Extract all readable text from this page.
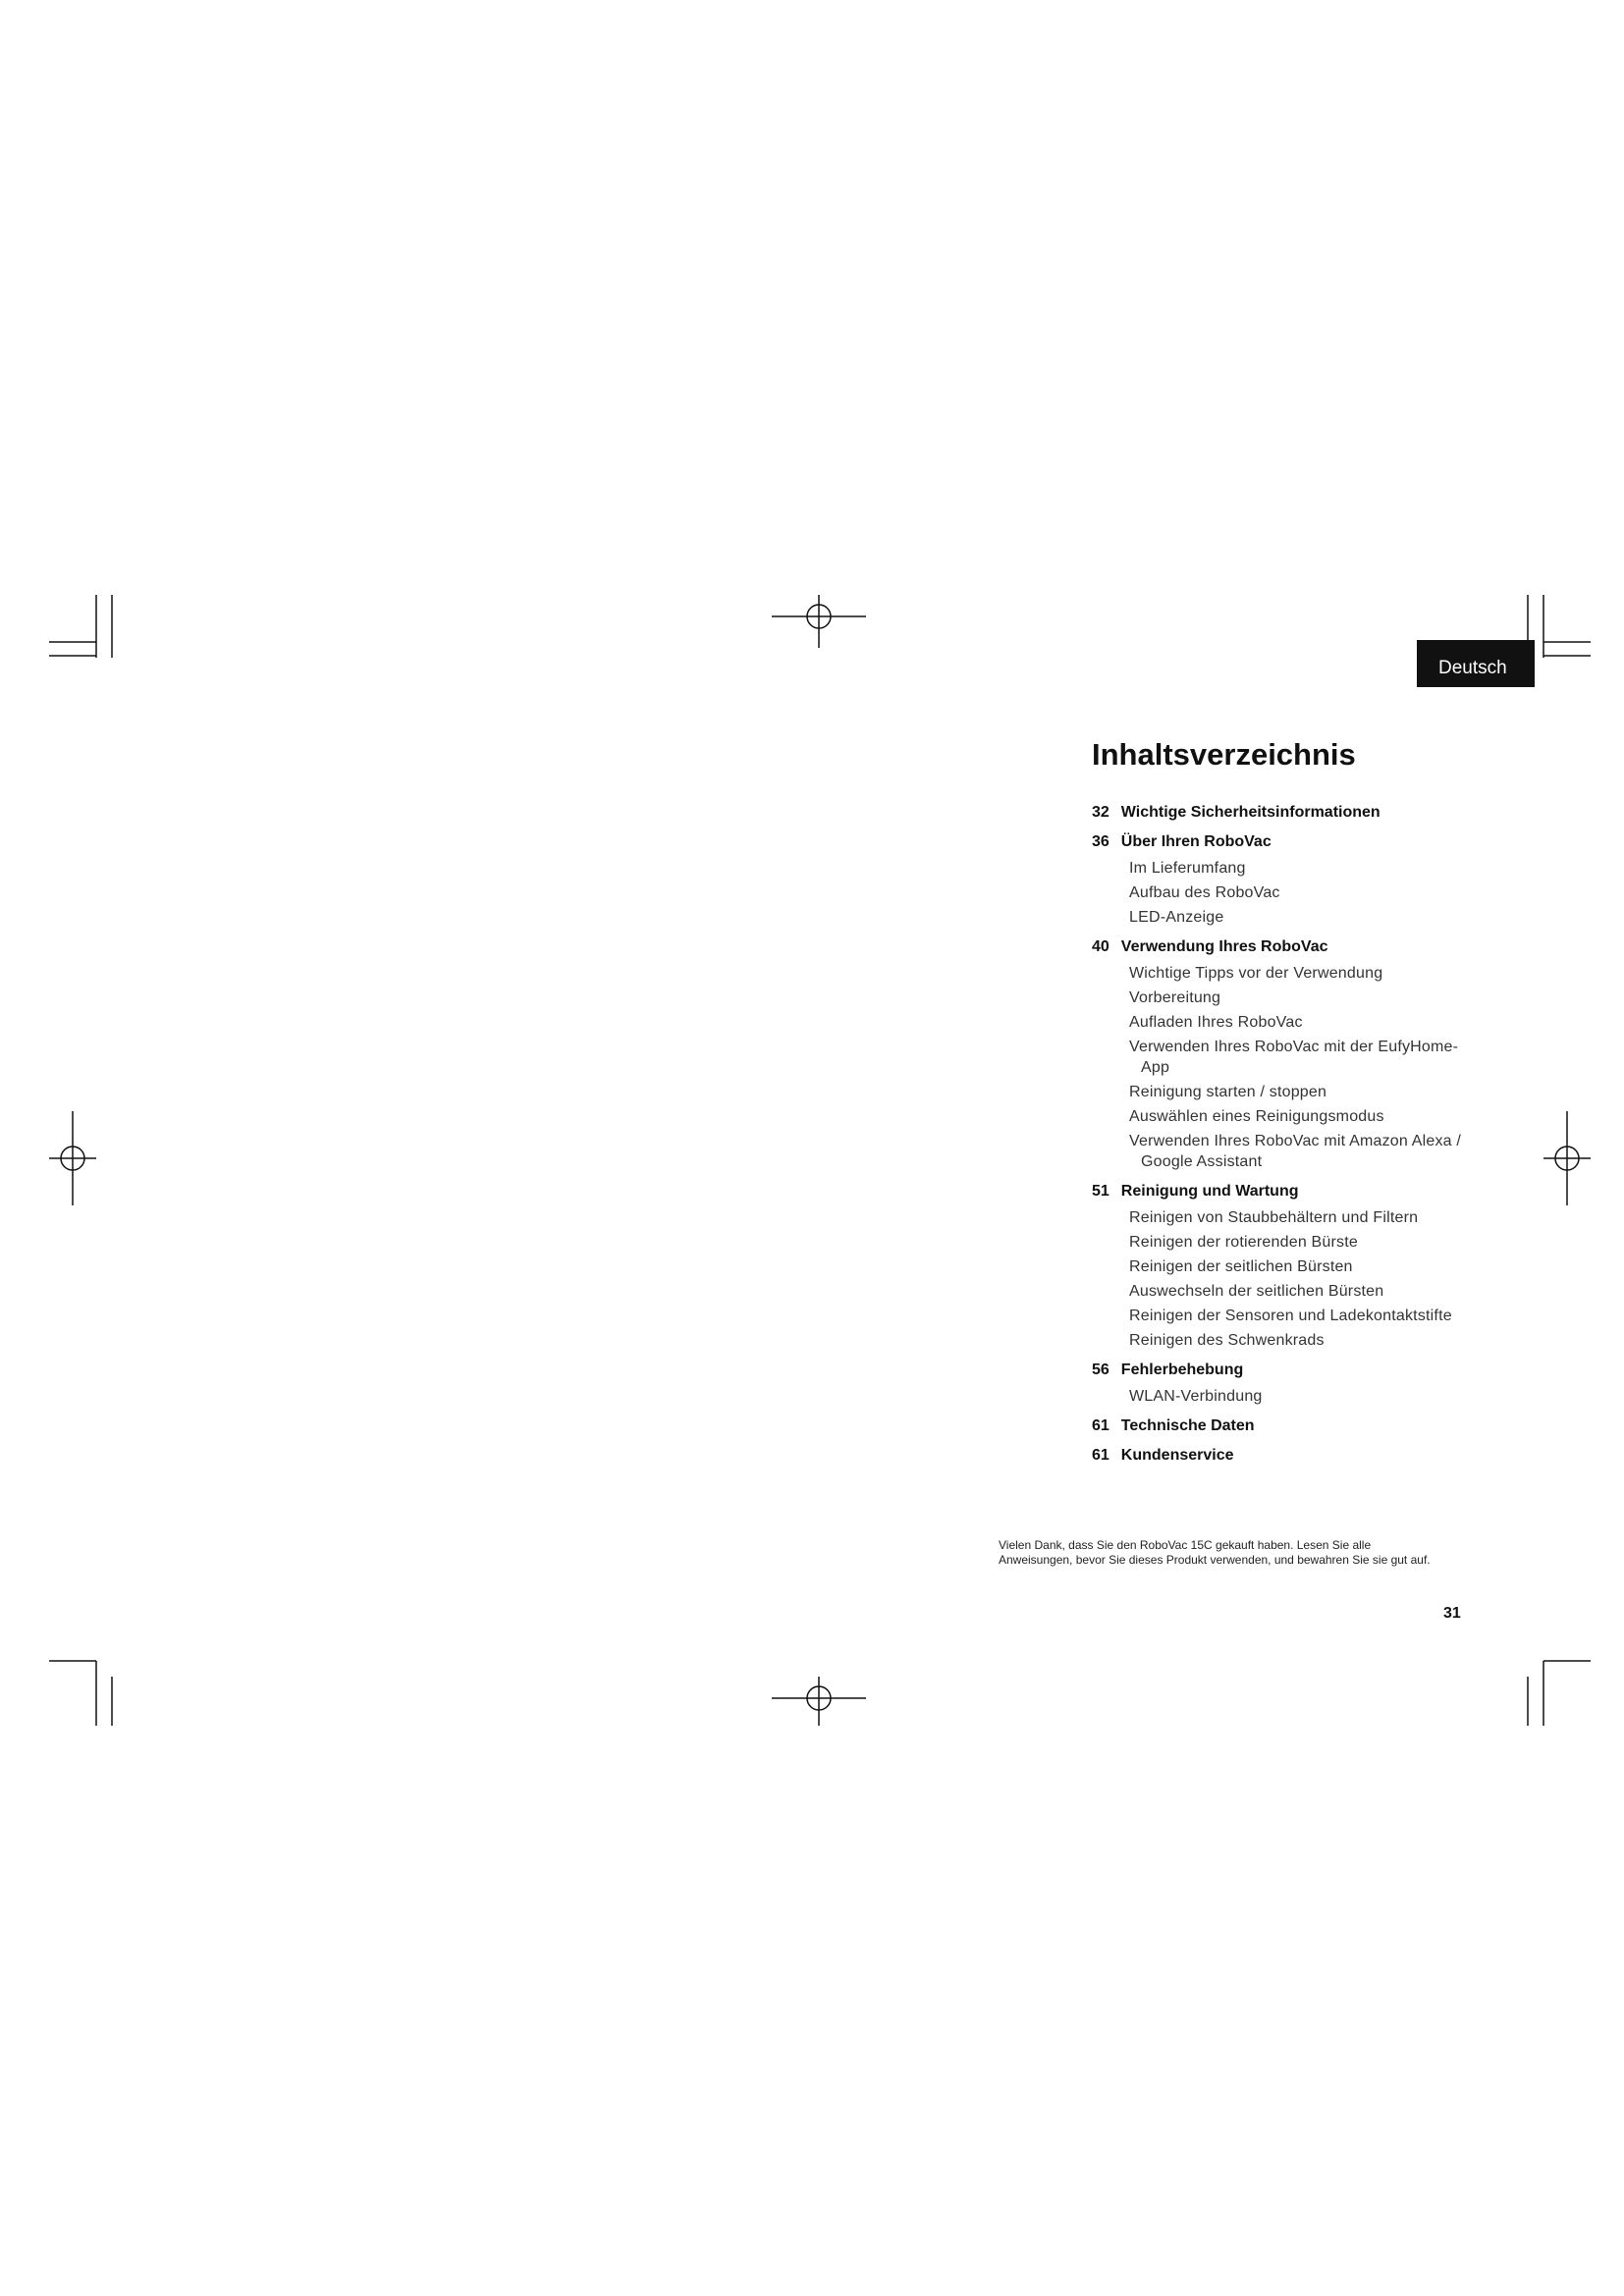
Deutsch
Inhaltsverzeichnis
32 Wichtige Sicherheitsinformationen
36 Über Ihren RoboVac
Im Lieferumfang
Aufbau des RoboVac
LED-Anzeige
40 Verwendung Ihres RoboVac
Wichtige Tipps vor der Verwendung
Vorbereitung
Aufladen Ihres RoboVac
Verwenden Ihres RoboVac mit der EufyHome-App
Reinigung starten / stoppen
Auswählen eines Reinigungsmodus
Verwenden Ihres RoboVac mit Amazon Alexa / Google Assistant
51 Reinigung und Wartung
Reinigen von Staubbehältern und Filtern
Reinigen der rotierenden Bürste
Reinigen der seitlichen Bürsten
Auswechseln der seitlichen Bürsten
Reinigen der Sensoren und Ladekontaktstifte
Reinigen des Schwenkrads
56 Fehlerbehebung
WLAN-Verbindung
61 Technische Daten
61 Kundenservice
Vielen Dank, dass Sie den RoboVac 15C gekauft haben. Lesen Sie alle
Anweisungen, bevor Sie dieses Produkt verwenden, und bewahren Sie sie gut auf.
31
